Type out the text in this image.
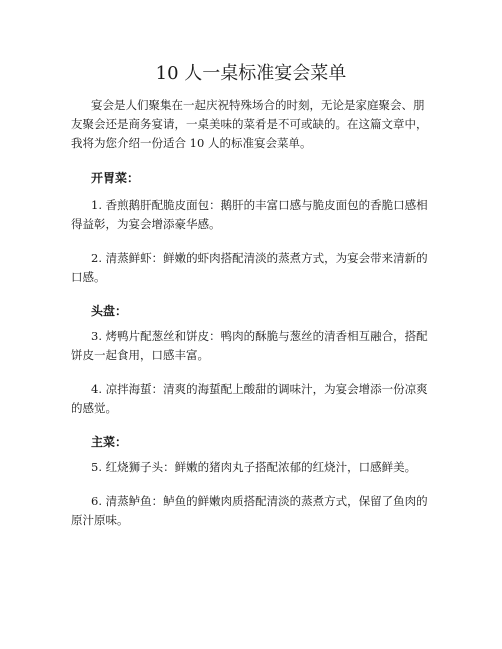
10 人一桌标准宴会菜单

宴会是人们聚集在一起庆祝特殊场合的时刻，无论是家庭聚会、朋
友聚会还是商务宴请，一桌美味的菜肴是不可或缺的。在这篇文章中，
我将为您介绍一份适合 10 人的标准宴会菜单。

开胃菜：

1. 香煎鹅肝配脆皮面包：鹅肝的丰富口感与脆皮面包的香脆口感相
得益彰，为宴会增添豪华感。

2. 清蒸鲜虾：鲜嫩的虾肉搭配清淡的蒸煮方式，为宴会带来清新的
口感。

头盘：

3. 烤鸭片配葱丝和饼皮：鸭肉的酥脆与葱丝的清香相互融合，搭配
饼皮一起食用，口感丰富。

4. 凉拌海蜇：清爽的海蜇配上酸甜的调味汁，为宴会增添一份凉爽
的感觉。

主菜：

5. 红烧狮子头：鲜嫩的猪肉丸子搭配浓郁的红烧汁，口感鲜美。

6. 清蒸鲈鱼：鲈鱼的鲜嫩肉质搭配清淡的蒸煮方式，保留了鱼肉的
原汁原味。
